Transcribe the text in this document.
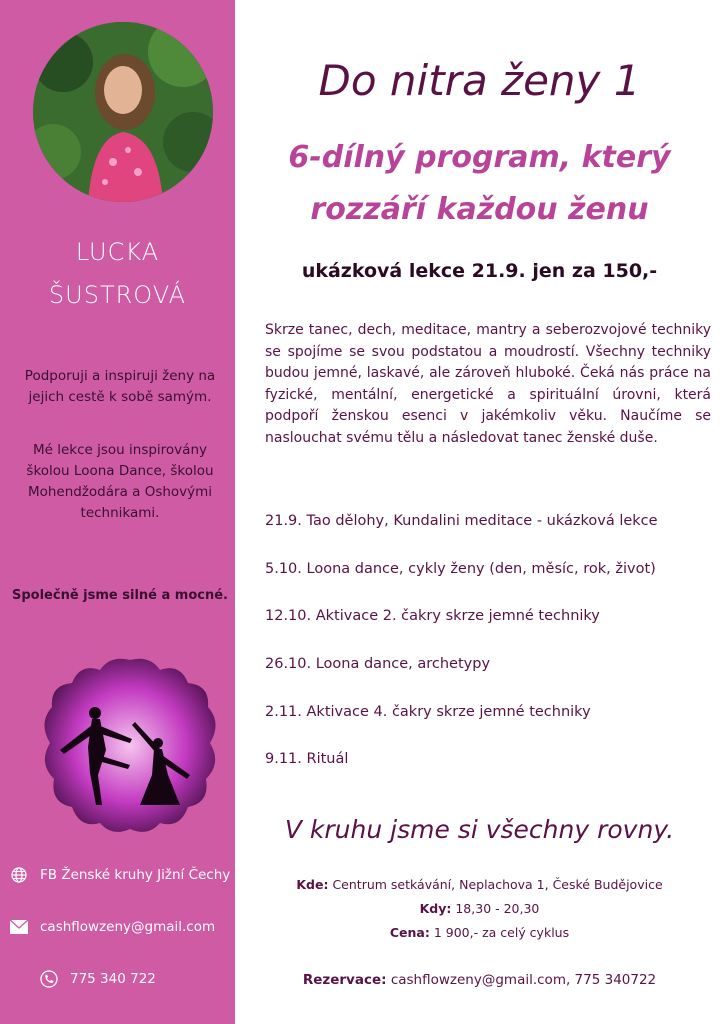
LUCKA
ŠUSTROVÁ
Podporuji a inspiruji ženy na jejich cestě k sobě samým.
Mé lekce jsou inspirovány školou Loona Dance, školou Mohendžodára a Oshovými technikami.
Společně jsme silné a mocné.
FB Ženské kruhy Jižní Čechy
cashflowzeny@gmail.com
775 340 722
Do nitra ženy 1
6-dílný program, který
rozzáří každou ženu
ukázková lekce 21.9. jen za 150,-
Skrze tanec, dech, meditace, mantry a seberozvojové techniky se spojíme se svou podstatou a moudrostí. Všechny techniky budou jemné, laskavé, ale zároveň hluboké. Čeká nás práce na fyzické, mentální, energetické a spirituální úrovni, která podpoří ženskou esenci v jakémkoliv věku. Naučíme se naslouchat svému tělu a následovat tanec ženské duše.
21.9. Tao dělohy, Kundalini meditace - ukázková lekce
5.10. Loona dance, cykly ženy (den, měsíc, rok, život)
12.10. Aktivace 2. čakry skrze jemné techniky
26.10. Loona dance, archetypy
2.11. Aktivace 4. čakry skrze jemné techniky
9.11. Rituál
V kruhu jsme si všechny rovny.
Kde: Centrum setkávání, Neplachova 1, České Budějovice
Kdy: 18,30 - 20,30
Cena: 1 900,- za celý cyklus
Rezervace: cashflowzeny@gmail.com, 775 340722
